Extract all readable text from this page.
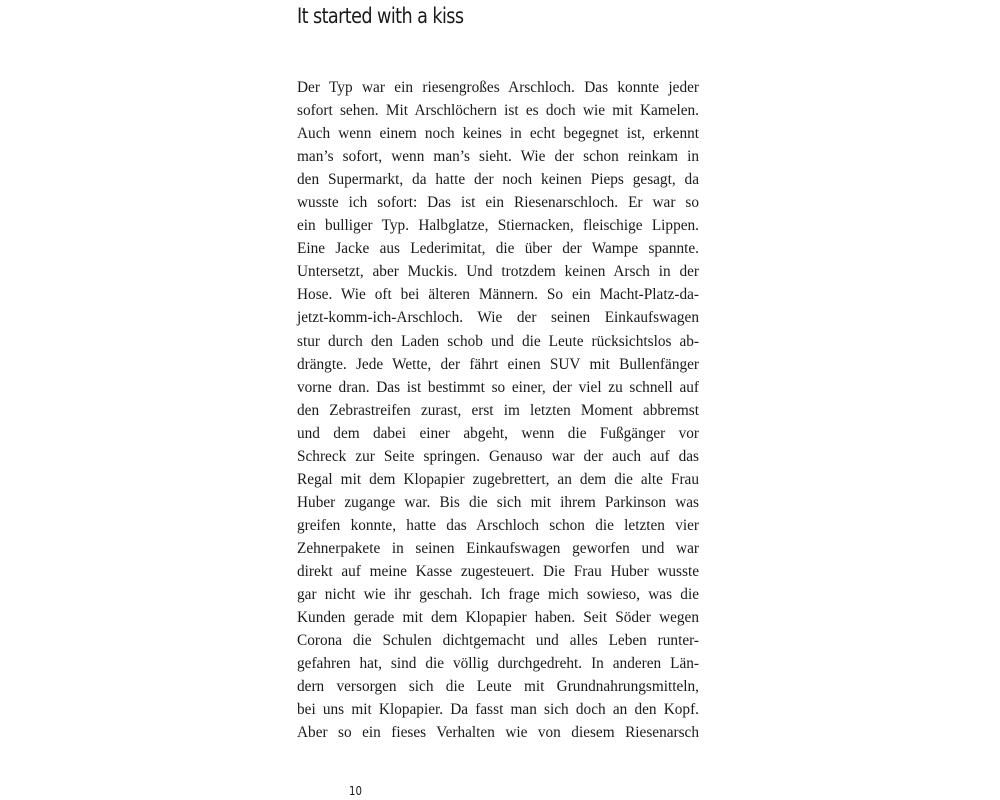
It started with a kiss
Der Typ war ein riesengroßes Arschloch. Das konnte jeder
sofort sehen. Mit Arschlöchern ist es doch wie mit Kamelen.
Auch wenn einem noch keines in echt begegnet ist, erkennt
man’s sofort, wenn man’s sieht. Wie der schon reinkam in
den Supermarkt, da hatte der noch keinen Pieps gesagt, da
wusste ich sofort: Das ist ein Riesenarschloch. Er war so
ein bulliger Typ. Halbglatze, Stiernacken, fleischige Lippen.
Eine Jacke aus Lederimitat, die über der Wampe spannte.
Untersetzt, aber Muckis. Und trotzdem keinen Arsch in der
Hose. Wie oft bei älteren Männern. So ein Macht-Platz-da-
jetzt-komm-ich-Arschloch. Wie der seinen Einkaufswagen
stur durch den Laden schob und die Leute rücksichtslos ab-
drängte. Jede Wette, der fährt einen SUV mit Bullenfänger
vorne dran. Das ist bestimmt so einer, der viel zu schnell auf
den Zebrastreifen zurast, erst im letzten Moment abbremst
und dem dabei einer abgeht, wenn die Fußgänger vor
Schreck zur Seite springen. Genauso war der auch auf das
Regal mit dem Klopapier zugebrettert, an dem die alte Frau
Huber zugange war. Bis die sich mit ihrem Parkinson was
greifen konnte, hatte das Arschloch schon die letzten vier
Zehnerpakete in seinen Einkaufswagen geworfen und war
direkt auf meine Kasse zugesteuert. Die Frau Huber wusste
gar nicht wie ihr geschah. Ich frage mich sowieso, was die
Kunden gerade mit dem Klopapier haben. Seit Söder wegen
Corona die Schulen dichtgemacht und alles Leben runter-
gefahren hat, sind die völlig durchgedreht. In anderen Län-
dern versorgen sich die Leute mit Grundnahrungsmitteln,
bei uns mit Klopapier. Da fasst man sich doch an den Kopf.
Aber so ein fieses Verhalten wie von diesem Riesenarsch
10
